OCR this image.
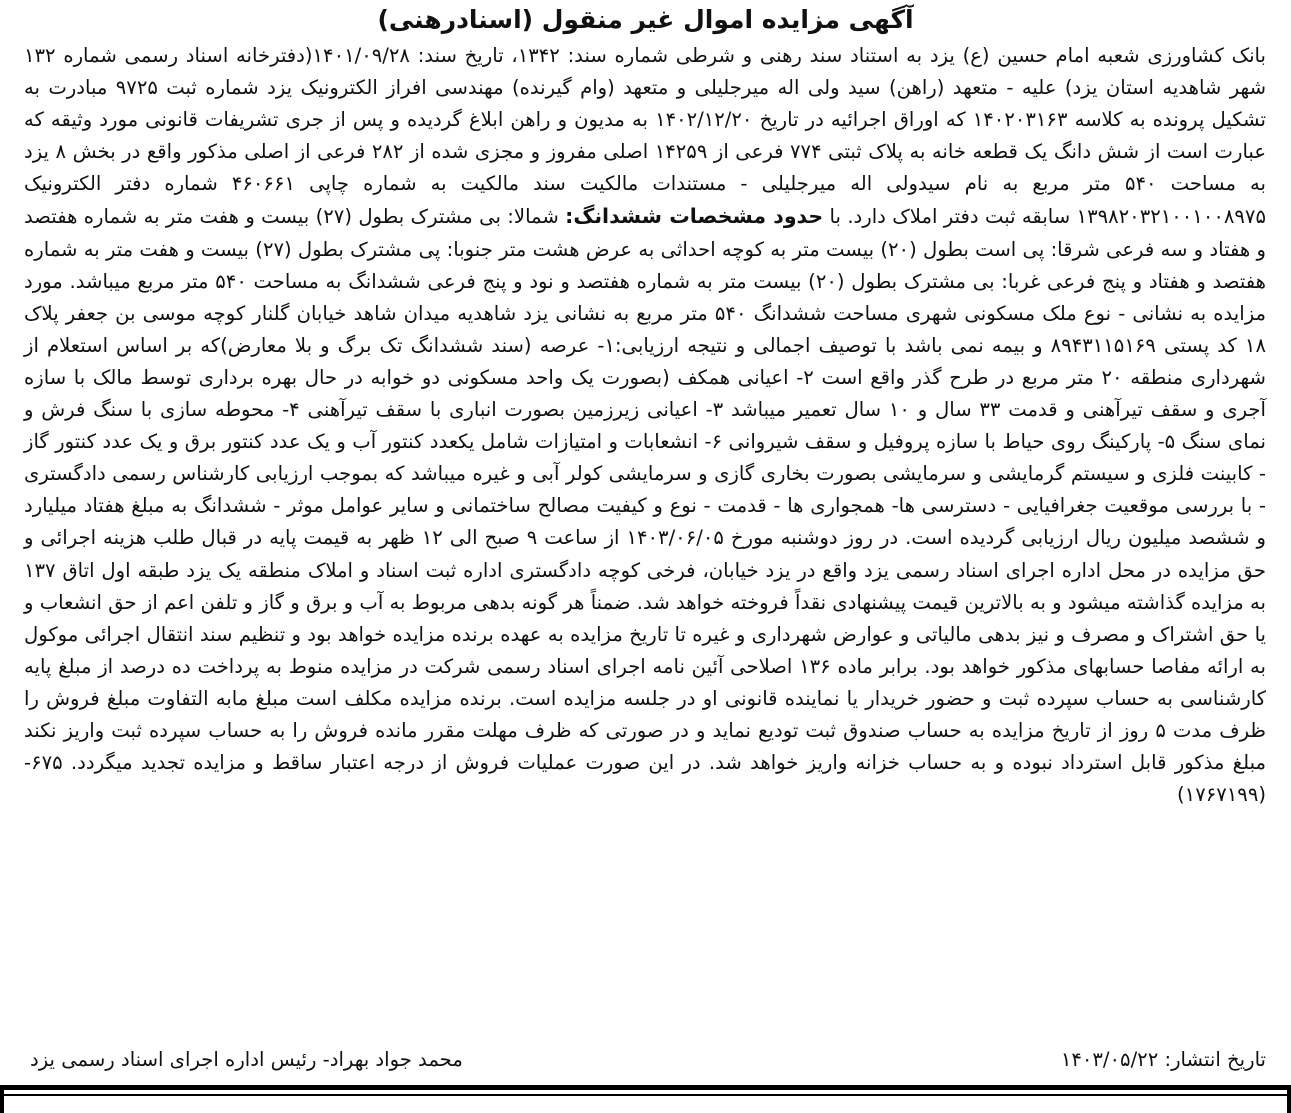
آگهی مزایده اموال غیر منقول (اسنادرهنی)
بانک کشاورزی شعبه امام حسین (ع) یزد به استناد سند رهنی و شرطی شماره سند: ۱۳۴۲، تاریخ سند: ۱۴۰۱/۰۹/۲۸(دفترخانه اسناد رسمی شماره ۱۳۲ شهر شاهدیه استان یزد) علیه - متعهد (راهن) سید ولی اله میرجلیلی و متعهد (وام گیرنده) مهندسی افراز الکترونیک یزد شماره ثبت ۹۷۲۵ مبادرت به تشکیل پرونده به کلاسه ۱۴۰۲۰۳۱۶۳ که اوراق اجرائیه در تاریخ ۱۴۰۲/۱۲/۲۰ به مدیون و راهن ابلاغ گردیده و پس از جری تشریفات قانونی مورد وثیقه که عبارت است از شش دانگ یک قطعه خانه به پلاک ثبتی ۷۷۴ فرعی از ۱۴۲۵۹ اصلی مفروز و مجزی شده از ۲۸۲ فرعی از اصلی مذکور واقع در بخش ۸ یزد به مساحت ۵۴۰ متر مربع به نام سیدولی اله میرجلیلی - مستندات مالکیت سند مالکیت به شماره چاپی ۴۶۰۶۶۱ شماره دفتر الکترونیک ۱۳۹۸۲۰۳۲۱۰۰۱۰۰۸۹۷۵ سابقه ثبت دفتر املاک دارد. با حدود مشخصات ششدانگ: شمالا: بی مشترک بطول (۲۷) بیست و هفت متر به شماره هفتصد و هفتاد و سه فرعی شرقا: پی است بطول (۲۰) بیست متر به کوچه احداثی به عرض هشت متر جنوبا: پی مشترک بطول (۲۷) بیست و هفت متر به شماره هفتصد و هفتاد و پنج فرعی غربا: بی مشترک بطول (۲۰) بیست متر به شماره هفتصد و نود و پنج فرعی ششدانگ به مساحت ۵۴۰ متر مربع میباشد. مورد مزایده به نشانی - نوع ملک مسکونی شهری مساحت ششدانگ ۵۴۰ متر مربع به نشانی یزد شاهدیه میدان شاهد خیابان گلنار کوچه موسی بن جعفر پلاک ۱۸ کد پستی ۸۹۴۳۱۱۵۱۶۹ و بیمه نمی باشد با توصیف اجمالی و نتیجه ارزیابی:۱- عرصه (سند ششدانگ تک برگ و بلا معارض)که بر اساس استعلام از شهرداری منطقه ۲۰ متر مربع در طرح گذر واقع است ۲- اعیانی همکف (بصورت یک واحد مسکونی دو خوابه در حال بهره برداری توسط مالک با سازه آجری و سقف تیرآهنی و قدمت ۳۳ سال و ۱۰ سال تعمیر میباشد ۳- اعیانی زیرزمین بصورت انباری با سقف تیرآهنی ۴- محوطه سازی با سنگ فرش و نمای سنگ ۵- پارکینگ روی حیاط با سازه پروفیل و سقف شیروانی ۶- انشعابات و امتیازات شامل یکعدد کنتور آب و یک عدد کنتور برق و یک عدد کنتور گاز - کابینت فلزی و سیستم گرمایشی و سرمایشی بصورت بخاری گازی و سرمایشی کولر آبی و غیره میباشد که بموجب ارزیابی کارشناس رسمی دادگستری - با بررسی موقعیت جغرافیایی - دسترسی ها- همجواری ها - قدمت - نوع و کیفیت مصالح ساختمانی و سایر عوامل موثر - ششدانگ به مبلغ هفتاد میلیارد و ششصد میلیون ریال ارزیابی گردیده است. در روز دوشنبه مورخ ۱۴۰۳/۰۶/۰۵ از ساعت ۹ صبح الی ۱۲ ظهر به قیمت پایه در قبال طلب هزینه اجرائی و حق مزایده در محل اداره اجرای اسناد رسمی یزد واقع در یزد خیابان، فرخی کوچه دادگستری اداره ثبت اسناد و املاک منطقه یک یزد طبقه اول اتاق ۱۳۷ به مزایده گذاشته میشود و به بالاترین قیمت پیشنهادی نقداً فروخته خواهد شد. ضمناً هر گونه بدهی مربوط به آب و برق و گاز و تلفن اعم از حق انشعاب و یا حق اشتراک و مصرف و نیز بدهی مالیاتی و عوارض شهرداری و غیره تا تاریخ مزایده به عهده برنده مزایده خواهد بود و تنظیم سند انتقال اجرائی موکول به ارائه مفاصا حسابهای مذکور خواهد بود. برابر ماده ۱۳۶ اصلاحی آئین نامه اجرای اسناد رسمی شرکت در مزایده منوط به پرداخت ده درصد از مبلغ پایه کارشناسی به حساب سپرده ثبت و حضور خریدار یا نماینده قانونی او در جلسه مزایده است. برنده مزایده مکلف است مبلغ مابه التفاوت مبلغ فروش را ظرف مدت ۵ روز از تاریخ مزایده به حساب صندوق ثبت تودیع نماید و در صورتی که ظرف مهلت مقرر مانده فروش را به حساب سپرده ثبت واریز نکند مبلغ مذکور قابل استرداد نبوده و به حساب خزانه واریز خواهد شد. در این صورت عملیات فروش از درجه اعتبار ساقط و مزایده تجدید میگردد. ۶۷۵-(۱۷۶۷۱۹۹)
تاریخ انتشار: ۱۴۰۳/۰۵/۲۲
محمد جواد بهراد- رئیس اداره اجرای اسناد رسمی یزد
